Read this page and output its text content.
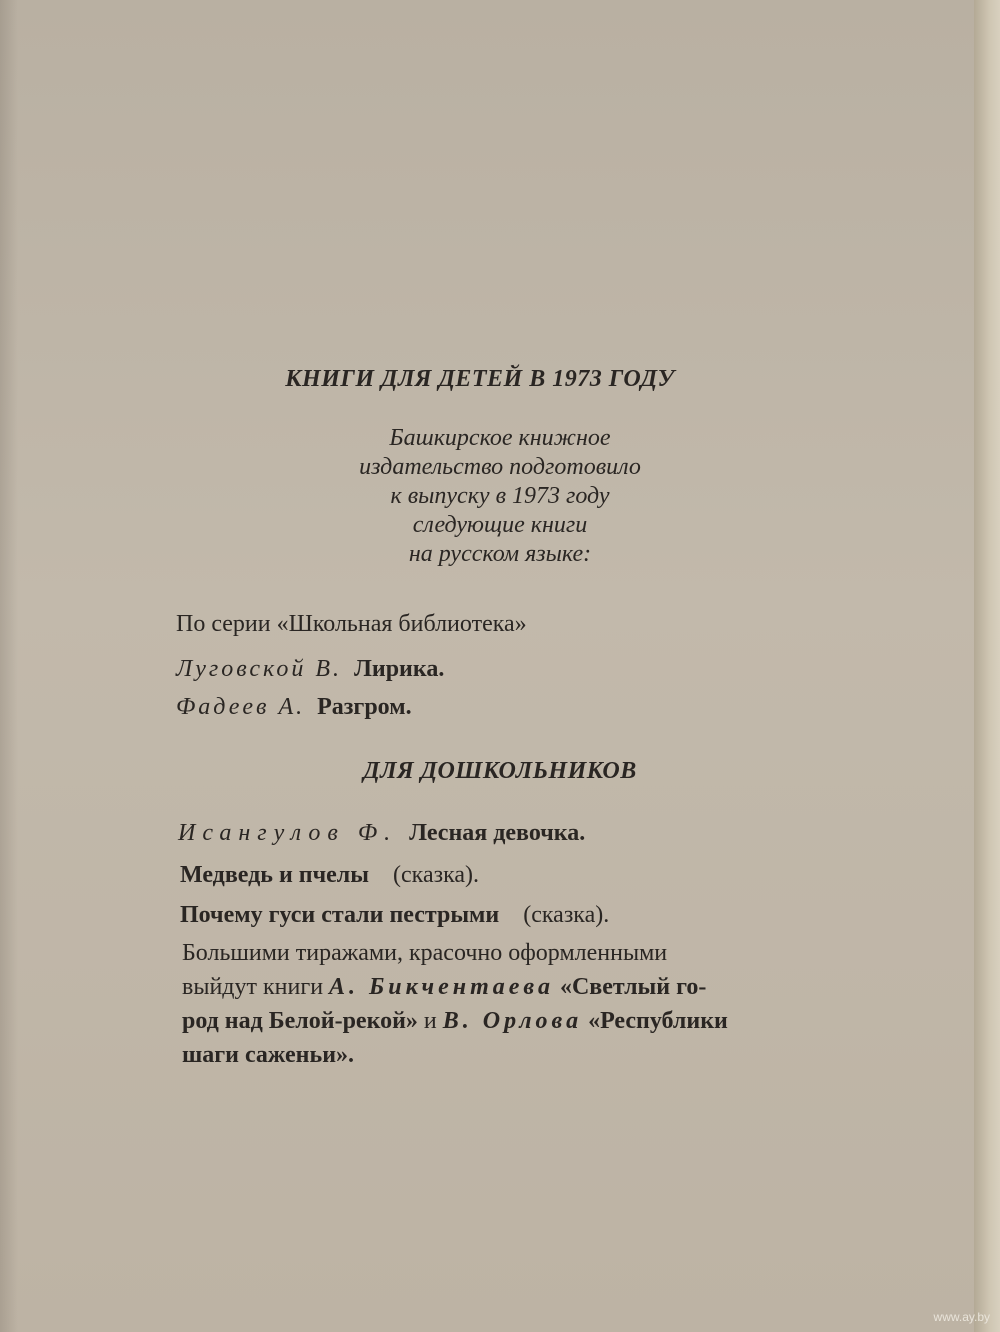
КНИГИ ДЛЯ ДЕТЕЙ В 1973 ГОДУ
Башкирское книжное
издательство подготовило
к выпуску в 1973 году
следующие книги
на русском языке:
По серии «Школьная библиотека»
Луговской В. Лирика.
Фадеев А. Разгром.
ДЛЯ ДОШКОЛЬНИКОВ
Исангулов Ф. Лесная девочка.
Медведь и пчелы (сказка).
Почему гуси стали пестрыми (сказка).
Большими тиражами, красочно оформленными
выйдут книги А. Бикчентаева «Светлый го-
род над Белой-рекой» и В. Орлова «Республики
шаги саженьи».
www.ay.by
